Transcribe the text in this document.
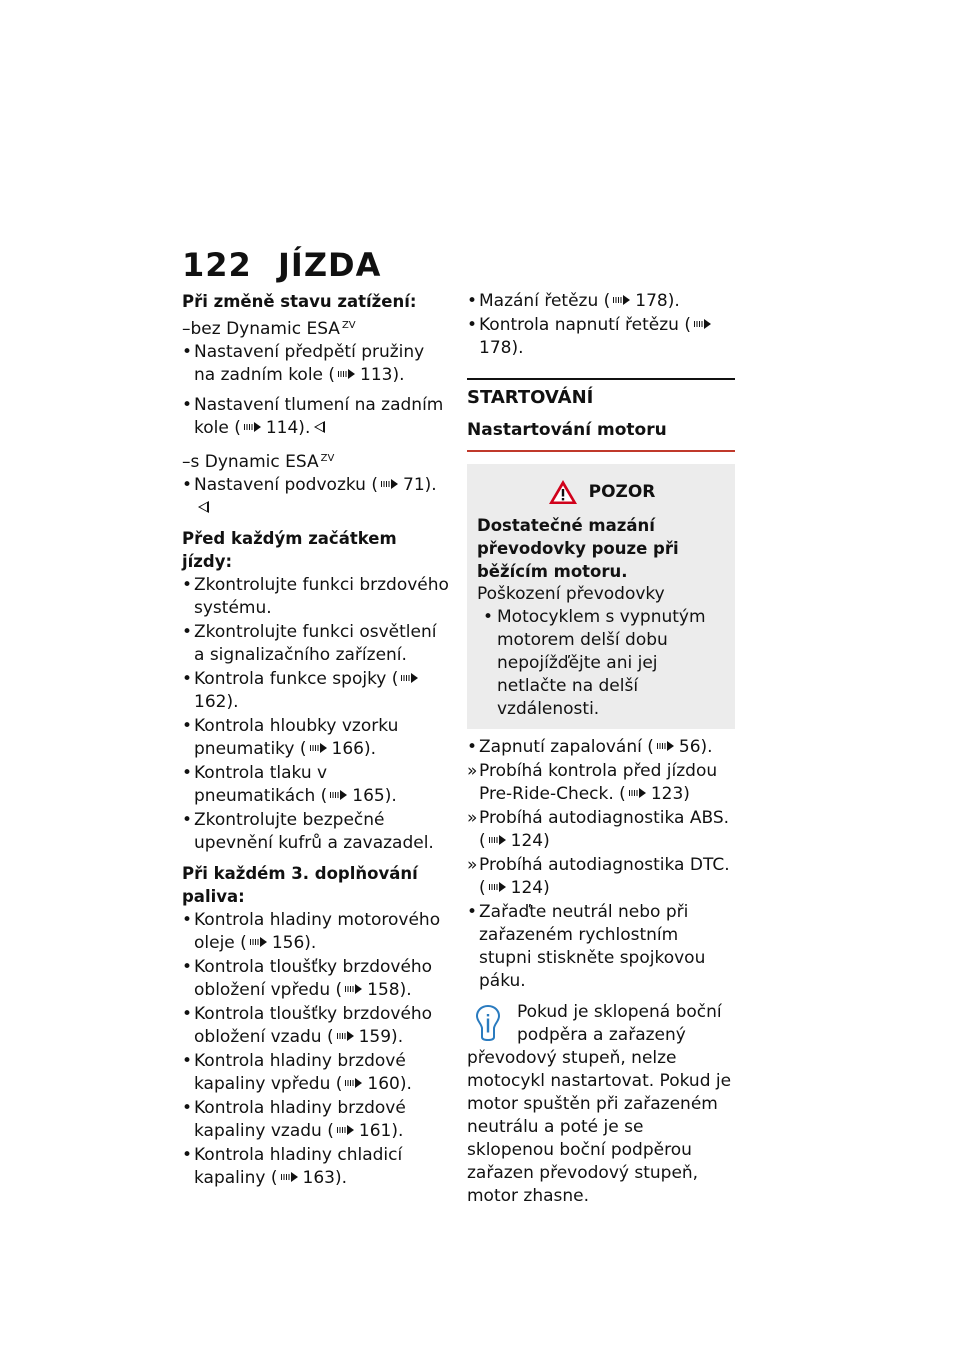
122 JÍZDA
Při změně stavu zatížení:
–bez Dynamic ESA $^{ZV}$
• Nastavení předpětí pružiny na zadním kole ( 113).
• Nastavení tlumení na zadním kole ( 114).
–s Dynamic ESA $^{ZV}$
• Nastavení podvozku ( 71).
Před každým začátkem jízdy:
• Zkontrolujte funkci brzdového systému.
• Zkontrolujte funkci osvětlení a signalizačního zařízení.
• Kontrola funkce spojky (162).
• Kontrola hloubky vzorku pneumatiky ( 166).
• Kontrola tlaku v pneumatikách ( 165).
• Zkontrolujte bezpečné upevnění kufrů a zavazadel.
Při každém 3. doplňování paliva:
• Kontrola hladiny motorového oleje ( 156).
• Kontrola tloušťky brzdového obložení vpředu ( 158).
• Kontrola tloušťky brzdového obložení vzadu ( 159).
• Kontrola hladiny brzdové kapaliny vpředu ( 160).
• Kontrola hladiny brzdové kapaliny vzadu ( 161).
• Kontrola hladiny chladicí kapaliny ( 163).
• Mazání řetězu ( 178).
• Kontrola napnutí řetězu (178).
STARTOVÁNÍ
Nastartování motoru
POZOR
Dostatečné mazání převodovky pouze při běžícím motoru.
Poškození převodovky
• Motocyklem s vypnutým motorem delší dobu nepojížďějte ani jej netlačte na delší vzdálenosti.
• Zapnutí zapalování ( 56).
» Probíhá kontrola před jízdou Pre-Ride-Check. ( 123)
» Probíhá autodiagnostika ABS. ( 124)
» Probíhá autodiagnostika DTC. ( 124)
• Zařaďte neutrál nebo při zařazeném rychlostním stupni stiskněte spojkovou páku.

Pokud je sklopená boční podpěra a zařazený převodový stupeň, nelze motocykl nastartovat. Pokud je motor spuštěn při zařazeném neutrálu a poté je se sklopenou boční podpěrou zařazen převodový stupeň, motor zhasne.
